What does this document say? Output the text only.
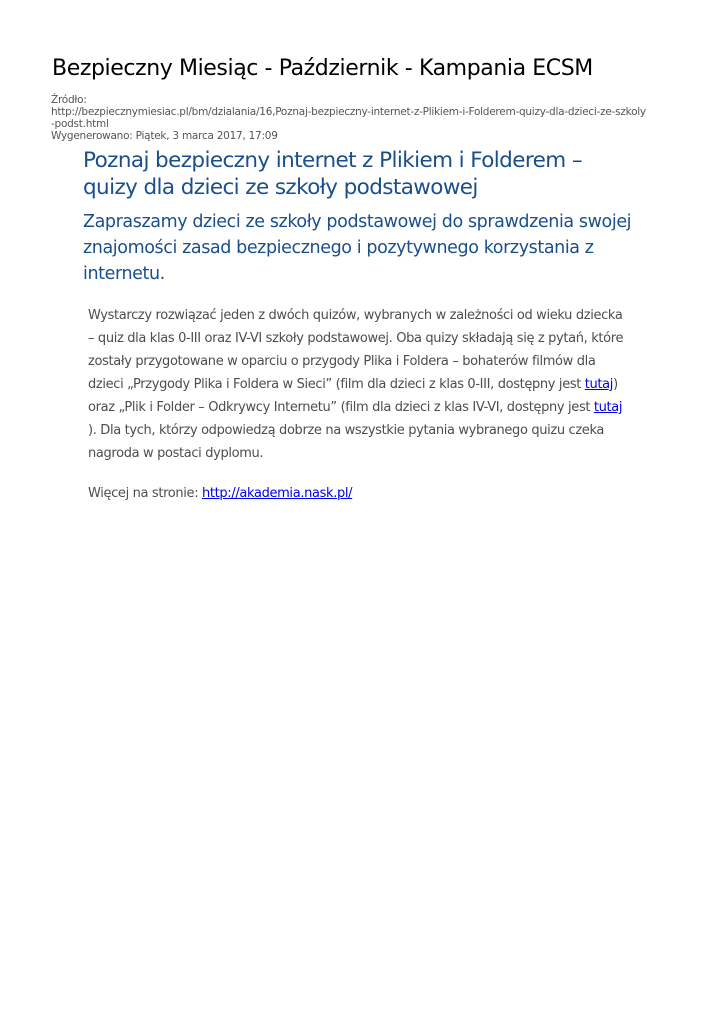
Bezpieczny Miesiąc - Październik - Kampania ECSM
Źródło:
http://bezpiecznymiesiac.pl/bm/dzialania/16,Poznaj-bezpieczny-internet-z-Plikiem-i-Folderem-quizy-dla-dzieci-ze-szkoly
-podst.html
Wygenerowano: Piątek, 3 marca 2017, 17:09
Poznaj bezpieczny internet z Plikiem i Folderem –
quizy dla dzieci ze szkoły podstawowej
Zapraszamy dzieci ze szkoły podstawowej do sprawdzenia swojej
znajomości zasad bezpiecznego i pozytywnego korzystania z
internetu.
Wystarczy rozwiązać jeden z dwóch quizów, wybranych w zależności od wieku dziecka
– quiz dla klas 0-III oraz IV-VI szkoły podstawowej. Oba quizy składają się z pytań, które
zostały przygotowane w oparciu o przygody Plika i Foldera – bohaterów filmów dla
dzieci „Przygody Plika i Foldera w Sieci” (film dla dzieci z klas 0-III, dostępny jest tutaj)
oraz „Plik i Folder – Odkrywcy Internetu” (film dla dzieci z klas IV-VI, dostępny jest tutaj
). Dla tych, którzy odpowiedzą dobrze na wszystkie pytania wybranego quizu czeka
nagroda w postaci dyplomu.

Więcej na stronie: http://akademia.nask.pl/
